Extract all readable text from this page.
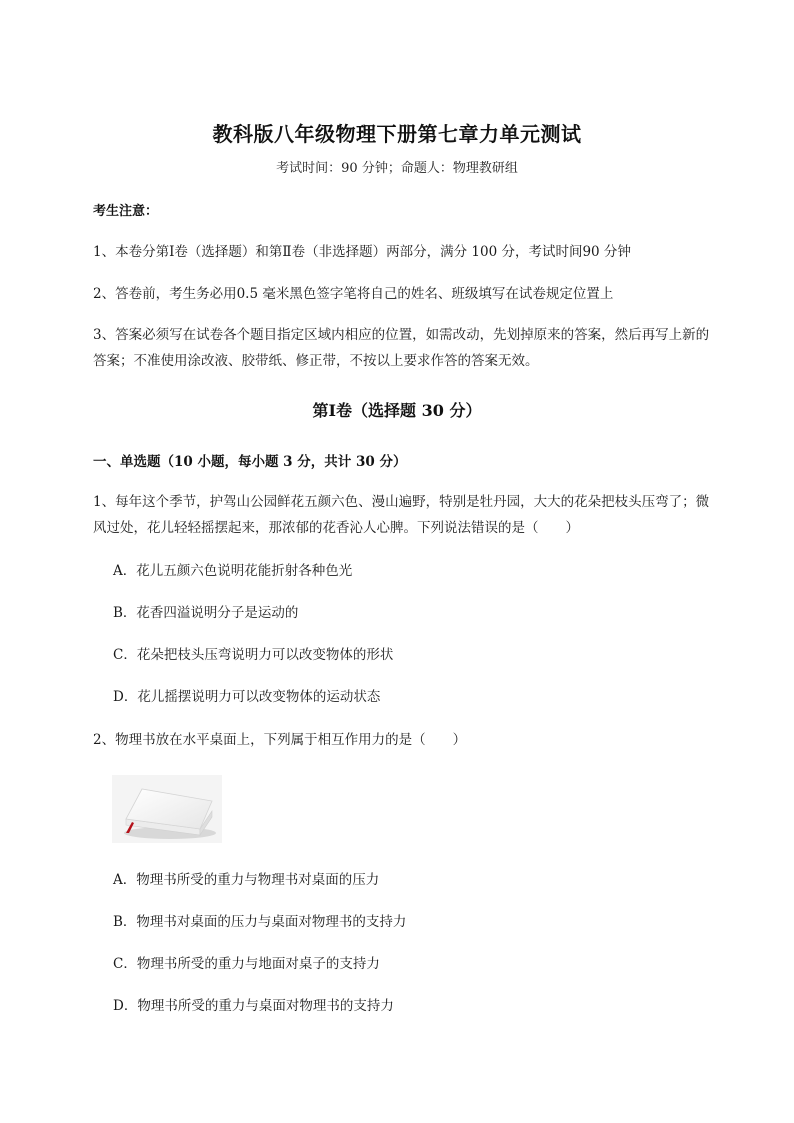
教科版八年级物理下册第七章力单元测试
考试时间：90 分钟；命题人：物理教研组
考生注意：
1、本卷分第Ⅰ卷（选择题）和第Ⅱ卷（非选择题）两部分，满分 100 分，考试时间90 分钟
2、答卷前，考生务必用0.5 毫米黑色签字笔将自己的姓名、班级填写在试卷规定位置上
3、答案必须写在试卷各个题目指定区域内相应的位置，如需改动，先划掉原来的答案，然后再写上新的答案；不准使用涂改液、胶带纸、修正带，不按以上要求作答的答案无效。
第Ⅰ卷（选择题 30 分）
一、单选题（10 小题，每小题 3 分，共计 30 分）
1、每年这个季节，护驾山公园鲜花五颜六色、漫山遍野，特别是牡丹园，大大的花朵把枝头压弯了；微风过处，花儿轻轻摇摆起来，那浓郁的花香沁人心脾。下列说法错误的是（　　）
A．花儿五颜六色说明花能折射各种色光
B．花香四溢说明分子是运动的
C．花朵把枝头压弯说明力可以改变物体的形状
D．花儿摇摆说明力可以改变物体的运动状态
2、物理书放在水平桌面上，下列属于相互作用力的是（　　）
A．物理书所受的重力与物理书对桌面的压力
B．物理书对桌面的压力与桌面对物理书的支持力
C．物理书所受的重力与地面对桌子的支持力
D．物理书所受的重力与桌面对物理书的支持力
